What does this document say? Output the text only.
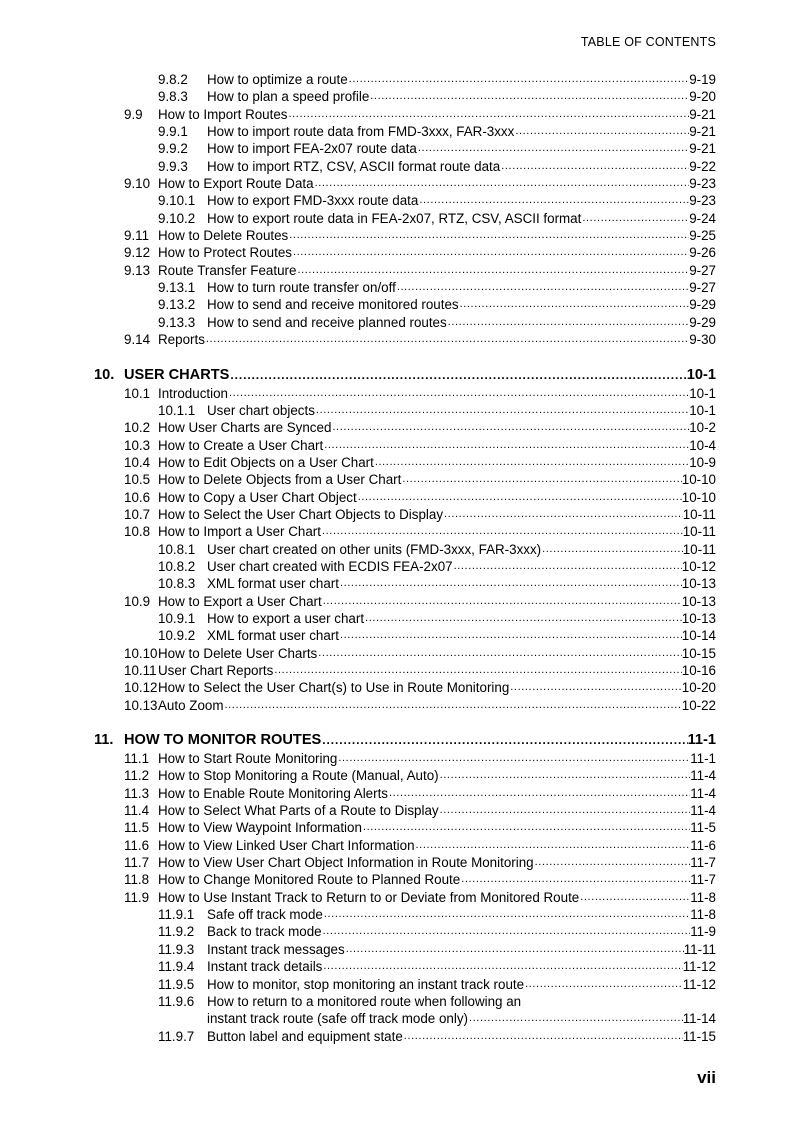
TABLE OF CONTENTS
9.8.2 How to optimize a route .....	9-19
9.8.3 How to plan a speed profile .....	9-20
9.9 How to Import Routes .....	9-21
9.9.1 How to import route data from FMD-3xxx, FAR-3xxx .....	9-21
9.9.2 How to import FEA-2x07 route data .....	9-21
9.9.3 How to import RTZ, CSV, ASCII format route data .....	9-22
9.10 How to Export Route Data .....	9-23
9.10.1 How to export FMD-3xxx route data .....	9-23
9.10.2 How to export route data in FEA-2x07, RTZ, CSV, ASCII format .....	9-24
9.11 How to Delete Routes .....	9-25
9.12 How to Protect Routes .....	9-26
9.13 Route Transfer Feature .....	9-27
9.13.1 How to turn route transfer on/off .....	9-27
9.13.2 How to send and receive monitored routes .....	9-29
9.13.3 How to send and receive planned routes .....	9-29
9.14 Reports .....	9-30
10. USER CHARTS .....	10-1
10.1 Introduction .....	10-1
10.1.1 User chart objects .....	10-1
10.2 How User Charts are Synced .....	10-2
10.3 How to Create a User Chart .....	10-4
10.4 How to Edit Objects on a User Chart .....	10-9
10.5 How to Delete Objects from a User Chart .....	10-10
10.6 How to Copy a User Chart Object .....	10-10
10.7 How to Select the User Chart Objects to Display .....	10-11
10.8 How to Import a User Chart .....	10-11
10.8.1 User chart created on other units (FMD-3xxx, FAR-3xxx) .....	10-11
10.8.2 User chart created with ECDIS FEA-2x07 .....	10-12
10.8.3 XML format user chart .....	10-13
10.9 How to Export a User Chart .....	10-13
10.9.1 How to export a user chart .....	10-13
10.9.2 XML format user chart .....	10-14
10.10 How to Delete User Charts .....	10-15
10.11 User Chart Reports .....	10-16
10.12 How to Select the User Chart(s) to Use in Route Monitoring .....	10-20
10.13 Auto Zoom .....	10-22
11. HOW TO MONITOR ROUTES .....	11-1
11.1 How to Start Route Monitoring .....	11-1
11.2 How to Stop Monitoring a Route (Manual, Auto) .....	11-4
11.3 How to Enable Route Monitoring Alerts .....	11-4
11.4 How to Select What Parts of a Route to Display .....	11-4
11.5 How to View Waypoint Information .....	11-5
11.6 How to View Linked User Chart Information .....	11-6
11.7 How to View User Chart Object Information in Route Monitoring .....	11-7
11.8 How to Change Monitored Route to Planned Route .....	11-7
11.9 How to Use Instant Track to Return to or Deviate from Monitored Route .....	11-8
11.9.1 Safe off track mode .....	11-8
11.9.2 Back to track mode .....	11-9
11.9.3 Instant track messages .....	11-11
11.9.4 Instant track details .....	11-12
11.9.5 How to monitor, stop monitoring an instant track route .....	11-12
11.9.6 How to return to a monitored route when following an
instant track route (safe off track mode only) .....	11-14
11.9.7 Button label and equipment state .....	11-15
vii
